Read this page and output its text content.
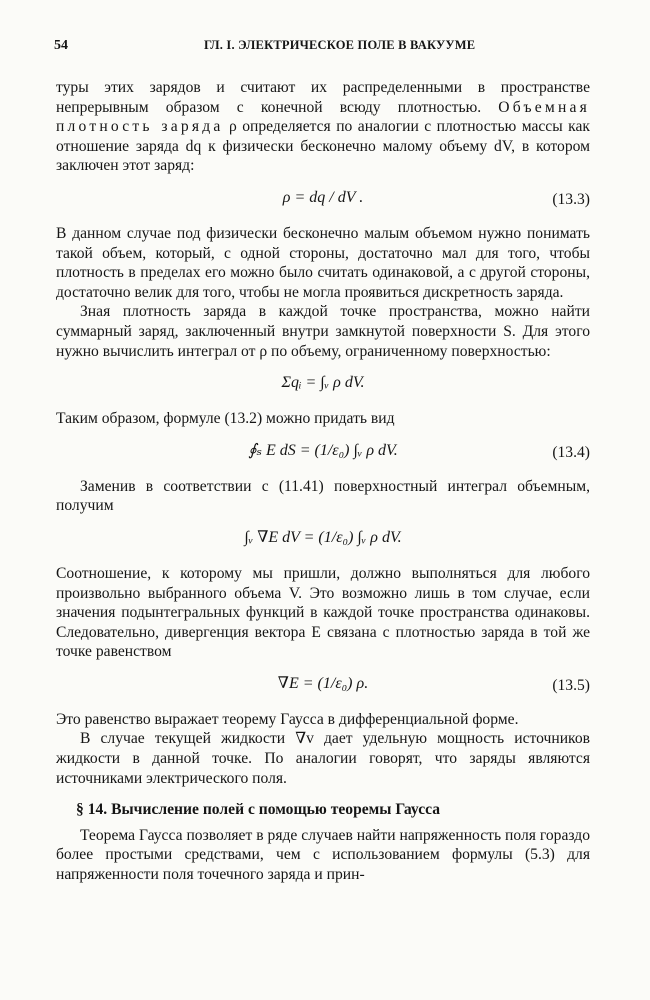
54	ГЛ. I. ЭЛЕКТРИЧЕСКОЕ ПОЛЕ В ВАКУУМЕ

туры этих зарядов и считают их распределенными в пространстве непрерывным образом с конечной всюду плотностью. Объемная плотность заряда ρ определяется по аналогии с плотностью массы как отношение заряда dq к физически бесконечно малому объему dV, в котором заключен этот заряд:

ρ = dq / dV .	(13.3)

В данном случае под физически бесконечно малым объемом нужно понимать такой объем, который, с одной стороны, достаточно мал для того, чтобы плотность в пределах его можно было считать одинаковой, а с другой стороны, достаточно велик для того, чтобы не могла проявиться дискретность заряда.

Зная плотность заряда в каждой точке пространства, можно найти суммарный заряд, заключенный внутри замкнутой поверхности S. Для этого нужно вычислить интеграл от ρ по объему, ограниченному поверхностью:

Σqᵢ = ∫ᵥ ρ dV.

Таким образом, формуле (13.2) можно придать вид

∮ₛ E dS = (1/ε₀) ∫ᵥ ρ dV.	(13.4)

Заменив в соответствии с (11.41) поверхностный интеграл объемным, получим

∫ᵥ ∇E dV = (1/ε₀) ∫ᵥ ρ dV.

Соотношение, к которому мы пришли, должно выполняться для любого произвольно выбранного объема V. Это возможно лишь в том случае, если значения подынтегральных функций в каждой точке пространства одинаковы. Следовательно, дивергенция вектора E связана с плотностью заряда в той же точке равенством

∇E = (1/ε₀) ρ.	(13.5)

Это равенство выражает теорему Гаусса в дифференциальной форме.

В случае текущей жидкости ∇v дает удельную мощность источников жидкости в данной точке. По аналогии говорят, что заряды являются источниками электрического поля.

§ 14. Вычисление полей с помощью теоремы Гаусса

Теорема Гаусса позволяет в ряде случаев найти напряженность поля гораздо более простыми средствами, чем с использованием формулы (5.3) для напряженности поля точечного заряда и прин-
